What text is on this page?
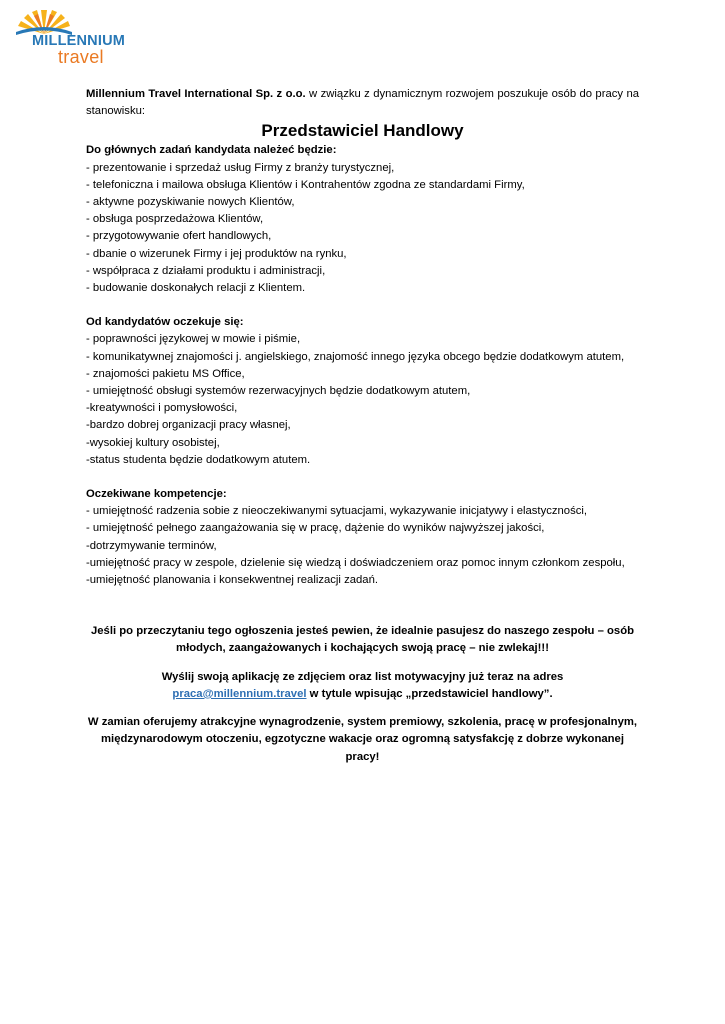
MILLENNIUM
travel

Millennium Travel International Sp. z o.o. w związku z dynamicznym rozwojem poszukuje osób do pracy na stanowisku:

Przedstawiciel Handlowy

Do głównych zadań kandydata należeć będzie:

- prezentowanie i sprzedaż usług Firmy z branży turystycznej,

- telefoniczna i mailowa obsługa Klientów i Kontrahentów zgodna ze standardami Firmy,

- aktywne pozyskiwanie nowych Klientów,

- obsługa posprzedażowa Klientów,

- przygotowywanie ofert handlowych,

- dbanie o wizerunek Firmy i jej produktów na rynku,

- współpraca z działami produktu i administracji,

- budowanie doskonałych relacji z Klientem.

Od kandydatów oczekuje się:

- poprawności językowej w mowie i piśmie,

- komunikatywnej znajomości j. angielskiego, znajomość innego języka obcego będzie dodatkowym atutem,

- znajomości pakietu MS Office,

- umiejętność obsługi systemów rezerwacyjnych będzie dodatkowym atutem,

-kreatywności i pomysłowości,

-bardzo dobrej organizacji pracy własnej,

-wysokiej kultury osobistej,

-status studenta będzie dodatkowym atutem.

Oczekiwane kompetencje:

- umiejętność radzenia sobie z nieoczekiwanymi sytuacjami, wykazywanie inicjatywy i elastyczności,

- umiejętność pełnego zaangażowania się w pracę, dążenie do wyników najwyższej jakości,

-dotrzymywanie terminów,

-umiejętność pracy w zespole, dzielenie się wiedzą i doświadczeniem oraz pomoc innym członkom zespołu,

-umiejętność planowania i konsekwentnej realizacji zadań.

Jeśli po przeczytaniu tego ogłoszenia jesteś pewien, że idealnie pasujesz do naszego zespołu – osób młodych, zaangażowanych i kochających swoją pracę – nie zwlekaj!!!

Wyślij swoją aplikację ze zdjęciem oraz list motywacyjny już teraz na adres
praca@millennium.travel w tytule wpisując „przedstawiciel handlowy”.

W zamian oferujemy atrakcyjne wynagrodzenie, system premiowy, szkolenia, pracę w profesjonalnym, międzynarodowym otoczeniu, egzotyczne wakacje oraz ogromną satysfakcję z dobrze wykonanej pracy!
